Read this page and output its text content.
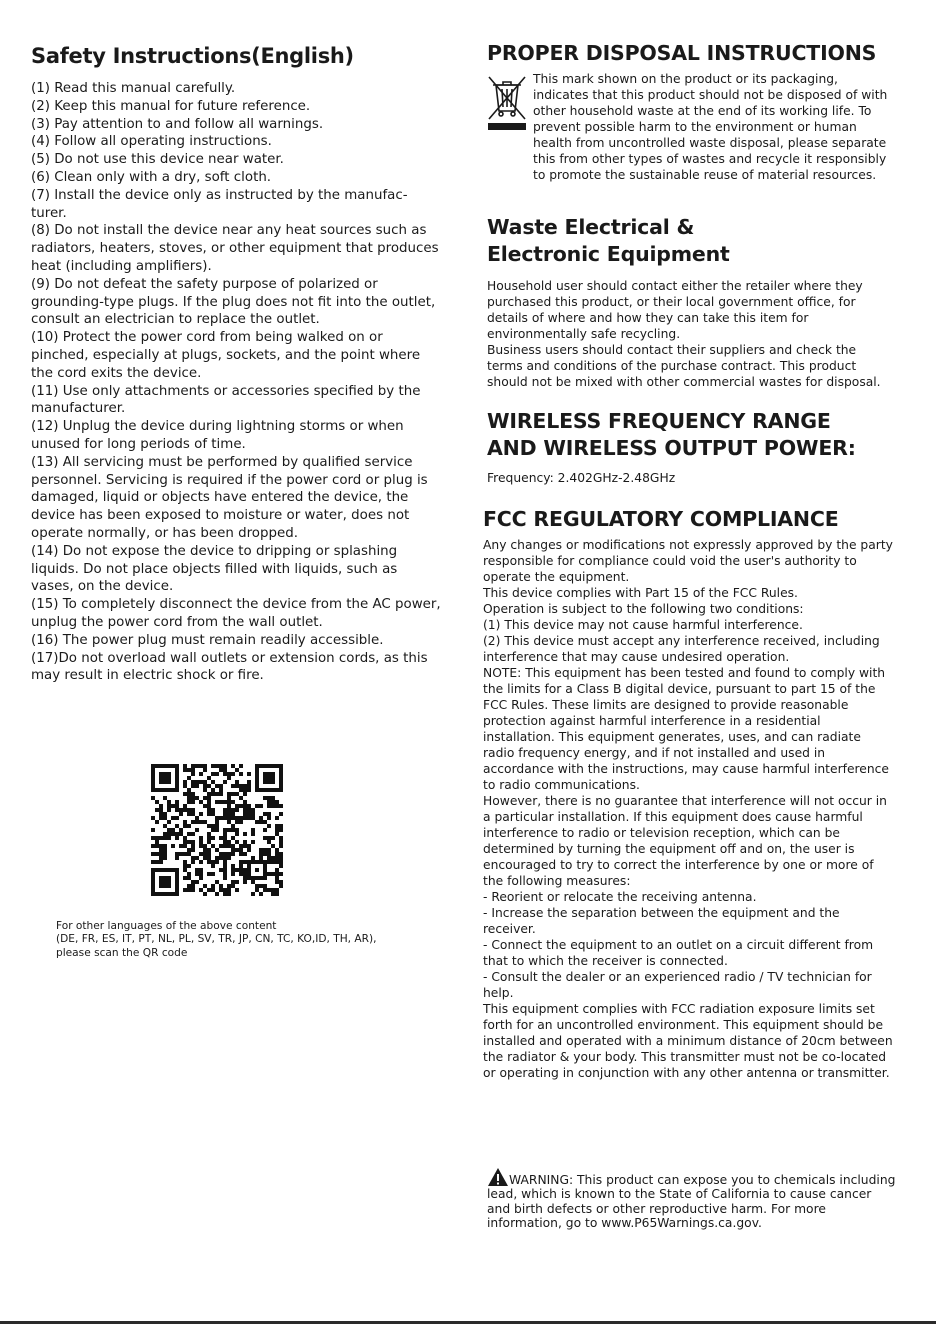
Safety Instructions(English)
(1) Read this manual carefully.
(2) Keep this manual for future reference.
(3) Pay attention to and follow all warnings.
(4) Follow all operating instructions.
(5) Do not use this device near water.
(6) Clean only with a dry, soft cloth.
(7) Install the device only as instructed by the manufac-turer.
(8) Do not install the device near any heat sources such as radiators, heaters, stoves, or other equipment that produces heat (including amplifiers).
(9) Do not defeat the safety purpose of polarized or grounding-type plugs. If the plug does not fit into the outlet, consult an electrician to replace the outlet.
(10) Protect the power cord from being walked on or pinched, especially at plugs, sockets, and the point where the cord exits the device.
(11) Use only attachments or accessories specified by the manufacturer.
(12) Unplug the device during lightning storms or when unused for long periods of time.
(13) All servicing must be performed by qualified service personnel. Servicing is required if the power cord or plug is damaged, liquid or objects have entered the device, the device has been exposed to moisture or water, does not operate normally, or has been dropped.
(14) Do not expose the device to dripping or splashing liquids. Do not place objects filled with liquids, such as vases, on the device.
(15) To completely disconnect the device from the AC power, unplug the power cord from the wall outlet.
(16) The power plug must remain readily accessible.
(17)Do not overload wall outlets or extension cords, as this may result in electric shock or fire.
For other languages of the above content
(DE, FR, ES, IT, PT, NL, PL, SV, TR, JP, CN, TC, KO,ID, TH, AR),
please scan the QR code
PROPER DISPOSAL INSTRUCTIONS
This mark shown on the product or its packaging, indicates that this product should not be disposed of with other household waste at the end of its working life. To prevent possible harm to the environment or human health from uncontrolled waste disposal, please separate this from other types of wastes and recycle it responsibly to promote the sustainable reuse of material resources.
Waste Electrical &
Electronic Equipment
Household user should contact either the retailer where they purchased this product, or their local government office, for details of where and how they can take this item for environmentally safe recycling.
Business users should contact their suppliers and check the terms and conditions of the purchase contract. This product should not be mixed with other commercial wastes for disposal.
WIRELESS FREQUENCY RANGE
AND WIRELESS OUTPUT POWER:
Frequency: 2.402GHz-2.48GHz
FCC REGULATORY COMPLIANCE
Any changes or modifications not expressly approved by the party responsible for compliance could void the user's authority to operate the equipment.
This device complies with Part 15 of the FCC Rules.
Operation is subject to the following two conditions:
(1) This device may not cause harmful interference.
(2) This device must accept any interference received, including interference that may cause undesired operation.
NOTE: This equipment has been tested and found to comply with the limits for a Class B digital device, pursuant to part 15 of the FCC Rules. These limits are designed to provide reasonable protection against harmful interference in a residential installation. This equipment generates, uses, and can radiate radio frequency energy, and if not installed and used in accordance with the instructions, may cause harmful interference to radio communications.
However, there is no guarantee that interference will not occur in a particular installation. If this equipment does cause harmful interference to radio or television reception, which can be determined by turning the equipment off and on, the user is encouraged to try to correct the interference by one or more of the following measures:
- Reorient or relocate the receiving antenna.
- Increase the separation between the equipment and the receiver.
- Connect the equipment to an outlet on a circuit different from that to which the receiver is connected.
- Consult the dealer or an experienced radio / TV technician for help.
This equipment complies with FCC radiation exposure limits set forth for an uncontrolled environment. This equipment should be installed and operated with a minimum distance of 20cm between the radiator & your body. This transmitter must not be co-located or operating in conjunction with any other antenna or transmitter.
WARNING: This product can expose you to chemicals including lead, which is known to the State of California to cause cancer and birth defects or other reproductive harm. For more information, go to www.P65Warnings.ca.gov.
